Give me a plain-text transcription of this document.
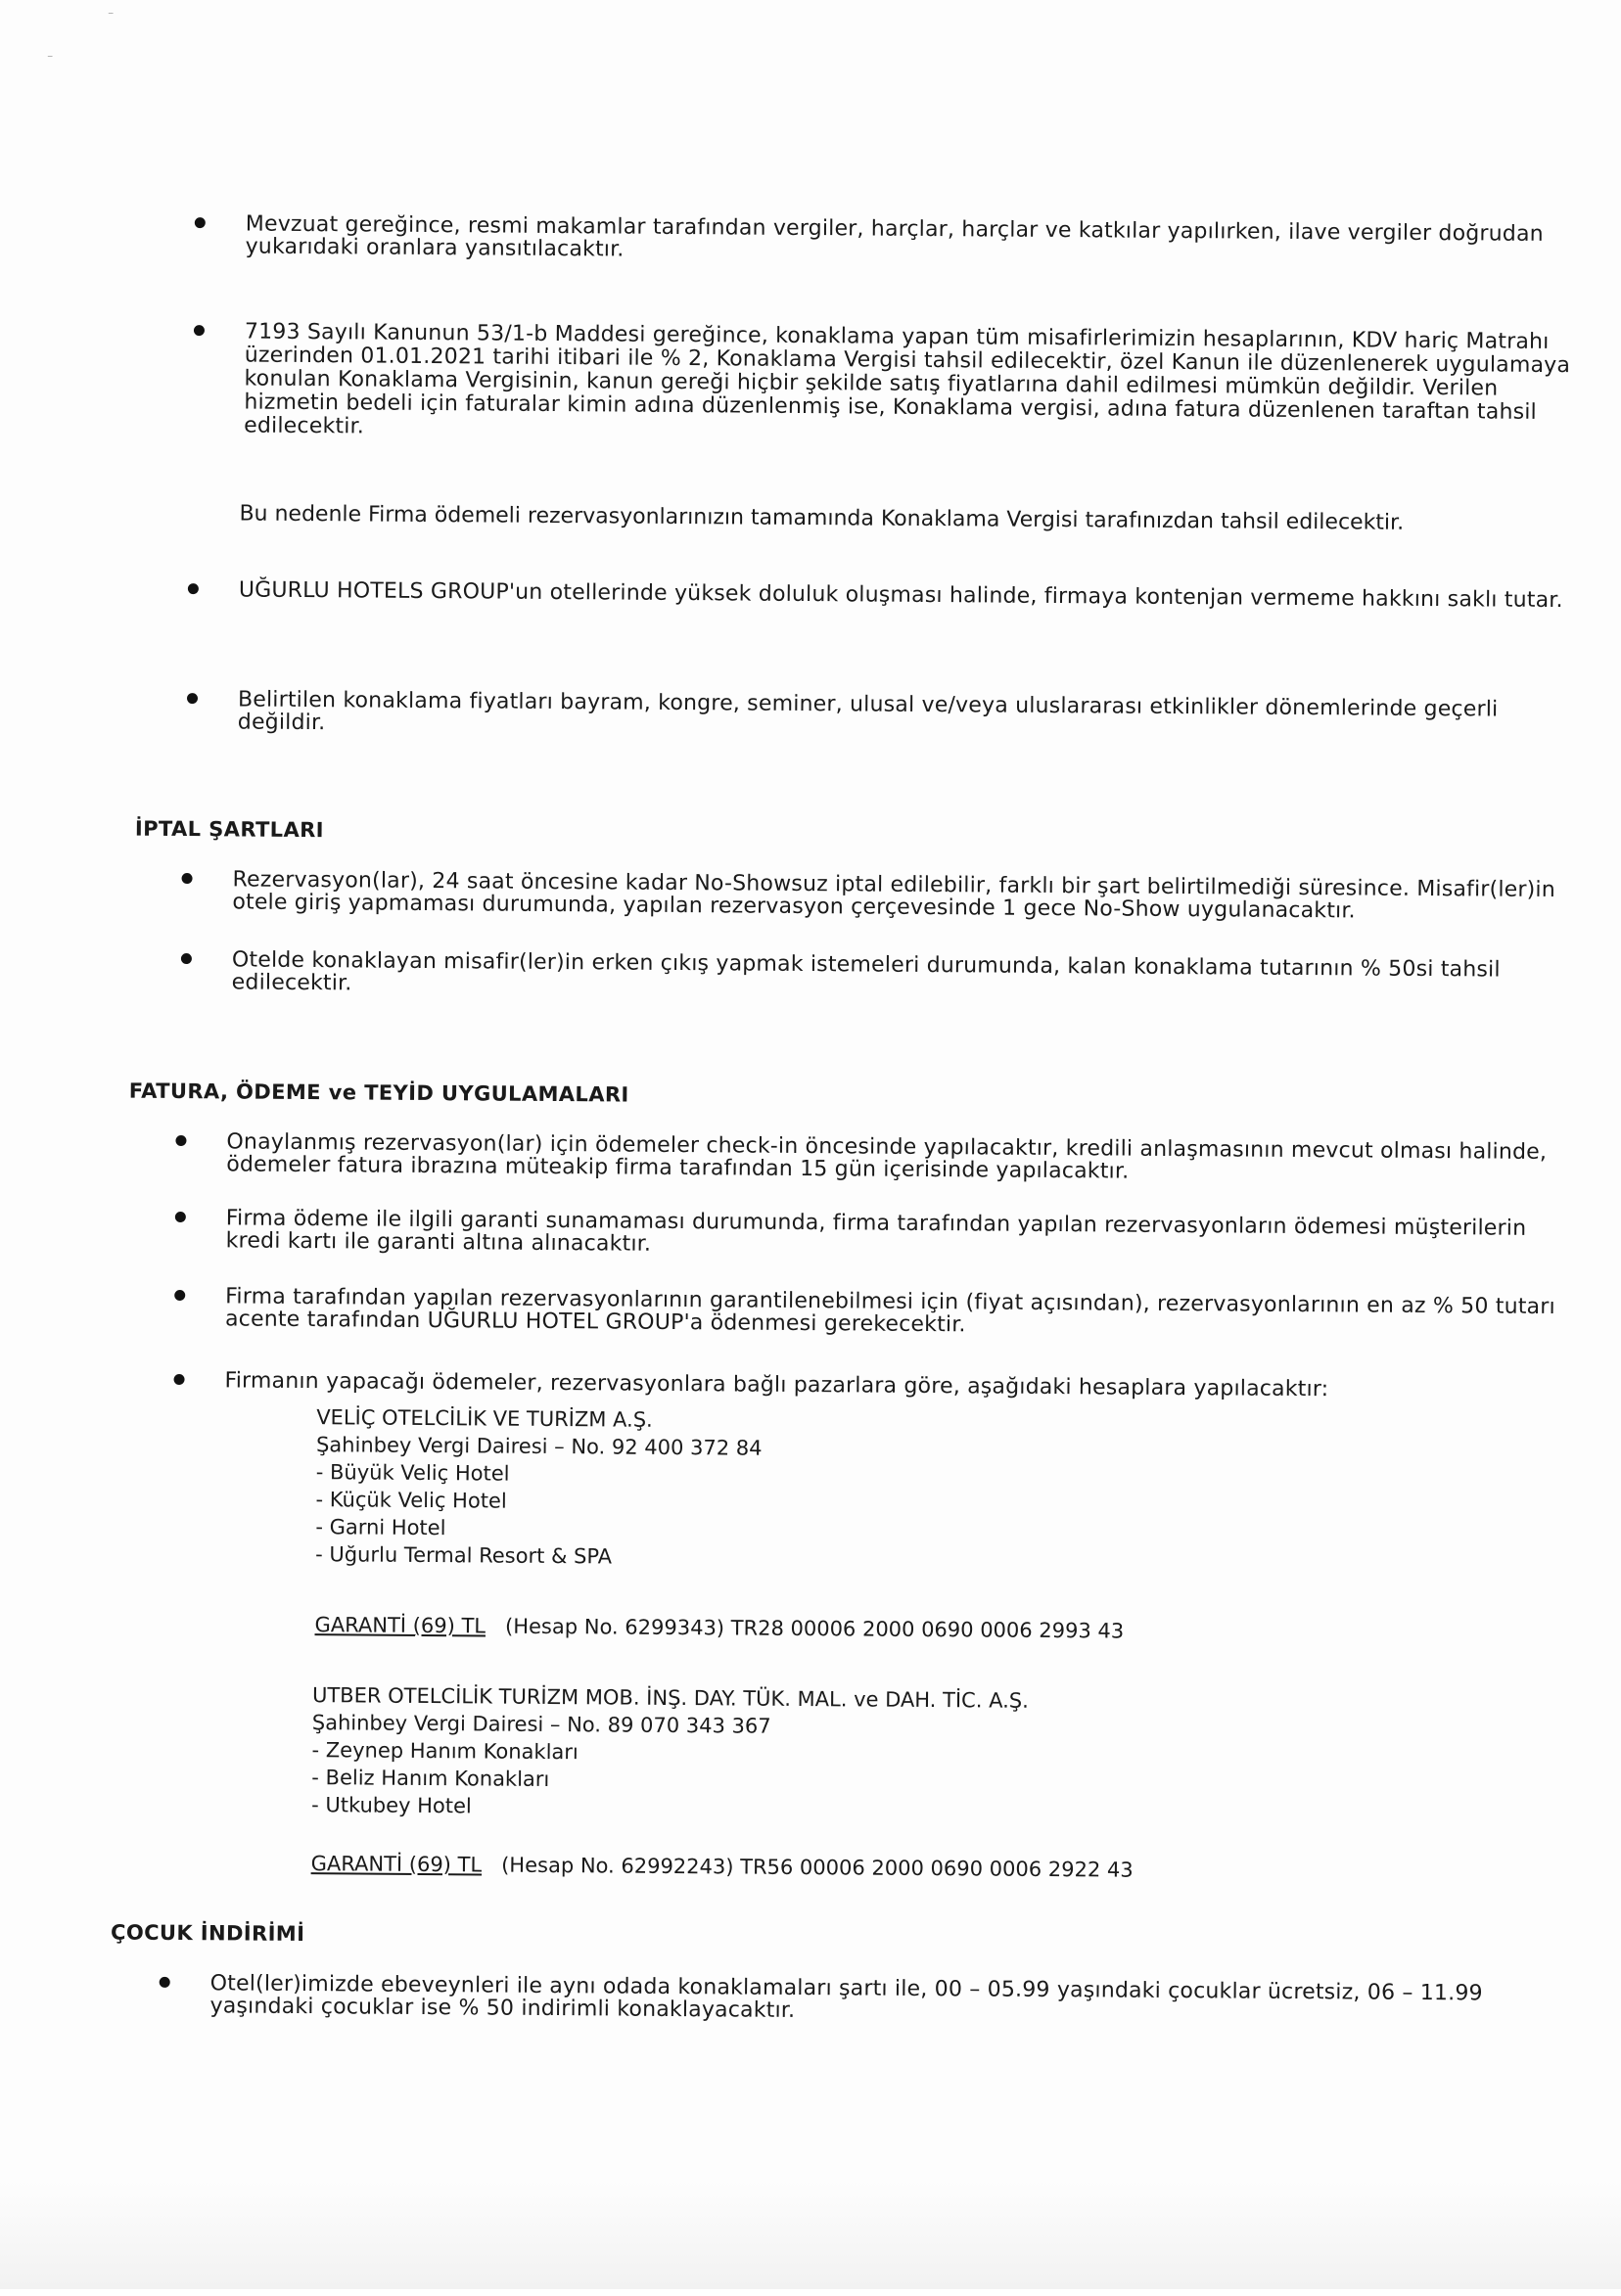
⁻
⁻
Mevzuat gereğince, resmi makamlar tarafından vergiler, harçlar, harçlar ve katkılar yapılırken, ilave vergiler doğrudan yukarıdaki oranlara yansıtılacaktır.
7193 Sayılı Kanunun 53/1-b Maddesi gereğince, konaklama yapan tüm misafirlerimizin hesaplarının, KDV hariç Matrahı üzerinden 01.01.2021 tarihi itibari ile % 2, Konaklama Vergisi tahsil edilecektir, özel Kanun ile düzenlenerek uygulamaya konulan Konaklama Vergisinin, kanun gereği hiçbir şekilde satış fiyatlarına dahil edilmesi mümkün değildir. Verilen hizmetin bedeli için faturalar kimin adına düzenlenmiş ise, Konaklama vergisi, adına fatura düzenlenen taraftan tahsil edilecektir.
Bu nedenle Firma ödemeli rezervasyonlarınızın tamamında Konaklama Vergisi tarafınızdan tahsil edilecektir.
UĞURLU HOTELS GROUP'un otellerinde yüksek doluluk oluşması halinde, firmaya kontenjan vermeme hakkını saklı tutar.
Belirtilen konaklama fiyatları bayram, kongre, seminer, ulusal ve/veya uluslararası etkinlikler dönemlerinde geçerli değildir.
İPTAL ŞARTLARI
Rezervasyon(lar), 24 saat öncesine kadar No-Showsuz iptal edilebilir, farklı bir şart belirtilmediği süresince. Misafir(ler)in otele giriş yapmaması durumunda, yapılan rezervasyon çerçevesinde 1 gece No-Show uygulanacaktır.
Otelde konaklayan misafir(ler)in erken çıkış yapmak istemeleri durumunda, kalan konaklama tutarının % 50si tahsil edilecektir.
FATURA, ÖDEME ve TEYİD UYGULAMALARI
Onaylanmış rezervasyon(lar) için ödemeler check-in öncesinde yapılacaktır, kredili anlaşmasının mevcut olması halinde, ödemeler fatura ibrazına müteakip firma tarafından 15 gün içerisinde yapılacaktır.
Firma ödeme ile ilgili garanti sunamaması durumunda, firma tarafından yapılan rezervasyonların ödemesi müşterilerin kredi kartı ile garanti altına alınacaktır.
Firma tarafından yapılan rezervasyonlarının garantilenebilmesi için (fiyat açısından), rezervasyonlarının en az % 50 tutarı acente tarafından UĞURLU HOTEL GROUP'a ödenmesi gerekecektir.
Firmanın yapacağı ödemeler, rezervasyonlara bağlı pazarlara göre, aşağıdaki hesaplara yapılacaktır:
VELİÇ OTELCİLİK VE TURİZM A.Ş.
Şahinbey Vergi Dairesi – No. 92 400 372 84
- Büyük Veliç Hotel
- Küçük Veliç Hotel
- Garni Hotel
- Uğurlu Termal Resort & SPA
GARANTİ (69) TL (Hesap No. 6299343) TR28 00006 2000 0690 0006 2993 43
UTBER OTELCİLİK TURİZM MOB. İNŞ. DAY. TÜK. MAL. ve DAH. TİC. A.Ş.
Şahinbey Vergi Dairesi – No. 89 070 343 367
- Zeynep Hanım Konakları
- Beliz Hanım Konakları
- Utkubey Hotel
GARANTİ (69) TL (Hesap No. 62992243) TR56 00006 2000 0690 0006 2922 43
ÇOCUK İNDİRİMİ
Otel(ler)imizde ebeveynleri ile aynı odada konaklamaları şartı ile, 00 – 05.99 yaşındaki çocuklar ücretsiz, 06 – 11.99 yaşındaki çocuklar ise % 50 indirimli konaklayacaktır.
